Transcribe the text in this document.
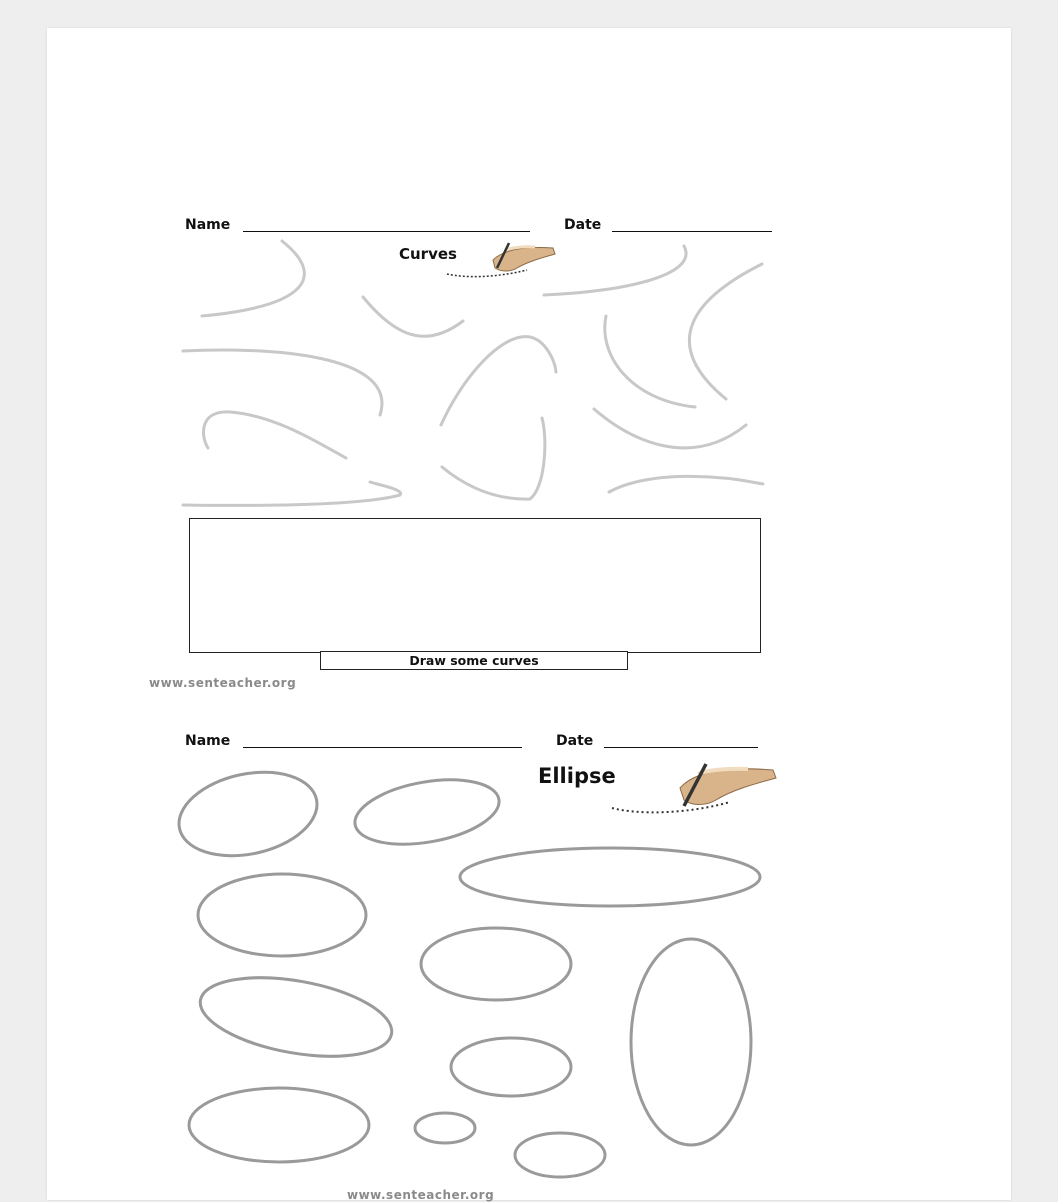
Name	Date
Curves
Draw some curves
www.senteacher.org
Name	Date
Ellipse
www.senteacher.org
